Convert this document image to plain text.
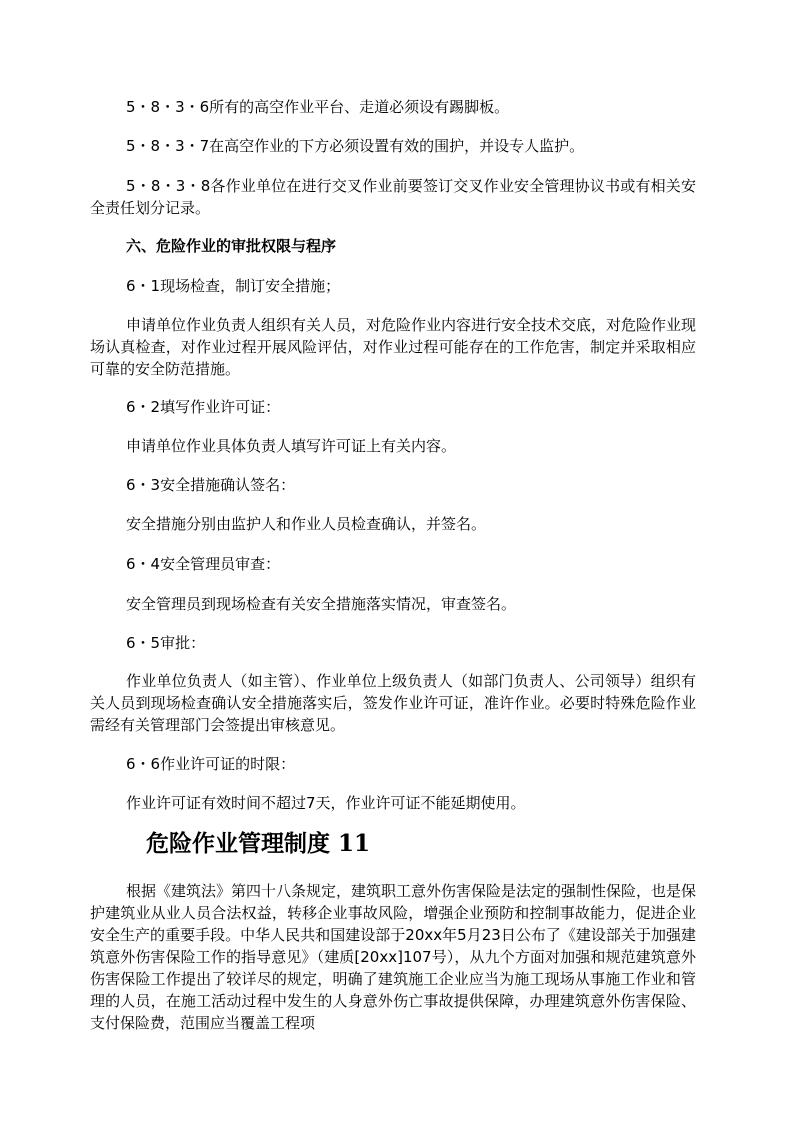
5・8・3・6所有的高空作业平台、走道必须设有踢脚板。

5・8・3・7在高空作业的下方必须设置有效的围护，并设专人监护。

5・8・3・8各作业单位在进行交叉作业前要签订交叉作业安全管理协议书或有相关安全责任划分记录。

六、危险作业的审批权限与程序

6・1现场检查，制订安全措施；

申请单位作业负责人组织有关人员，对危险作业内容进行安全技术交底，对危险作业现场认真检查，对作业过程开展风险评估，对作业过程可能存在的工作危害，制定并采取相应可靠的安全防范措施。

6・2填写作业许可证：

申请单位作业具体负责人填写许可证上有关内容。

6・3安全措施确认签名：

安全措施分别由监护人和作业人员检查确认，并签名。

6・4安全管理员审查：

安全管理员到现场检查有关安全措施落实情况，审查签名。

6・5审批：

作业单位负责人（如主管）、作业单位上级负责人（如部门负责人、公司领导）组织有关人员到现场检查确认安全措施落实后，签发作业许可证，准许作业。必要时特殊危险作业需经有关管理部门会签提出审核意见。

6・6作业许可证的时限：

作业许可证有效时间不超过7天，作业许可证不能延期使用。

危险作业管理制度 11

根据《建筑法》第四十八条规定，建筑职工意外伤害保险是法定的强制性保险，也是保护建筑业从业人员合法权益，转移企业事故风险，增强企业预防和控制事故能力，促进企业安全生产的重要手段。中华人民共和国建设部于20xx年5月23日公布了《建设部关于加强建筑意外伤害保险工作的指导意见》（建质[20xx]107号），从九个方面对加强和规范建筑意外伤害保险工作提出了较详尽的规定，明确了建筑施工企业应当为施工现场从事施工作业和管理的人员，在施工活动过程中发生的人身意外伤亡事故提供保障，办理建筑意外伤害保险、支付保险费，范围应当覆盖工程项
